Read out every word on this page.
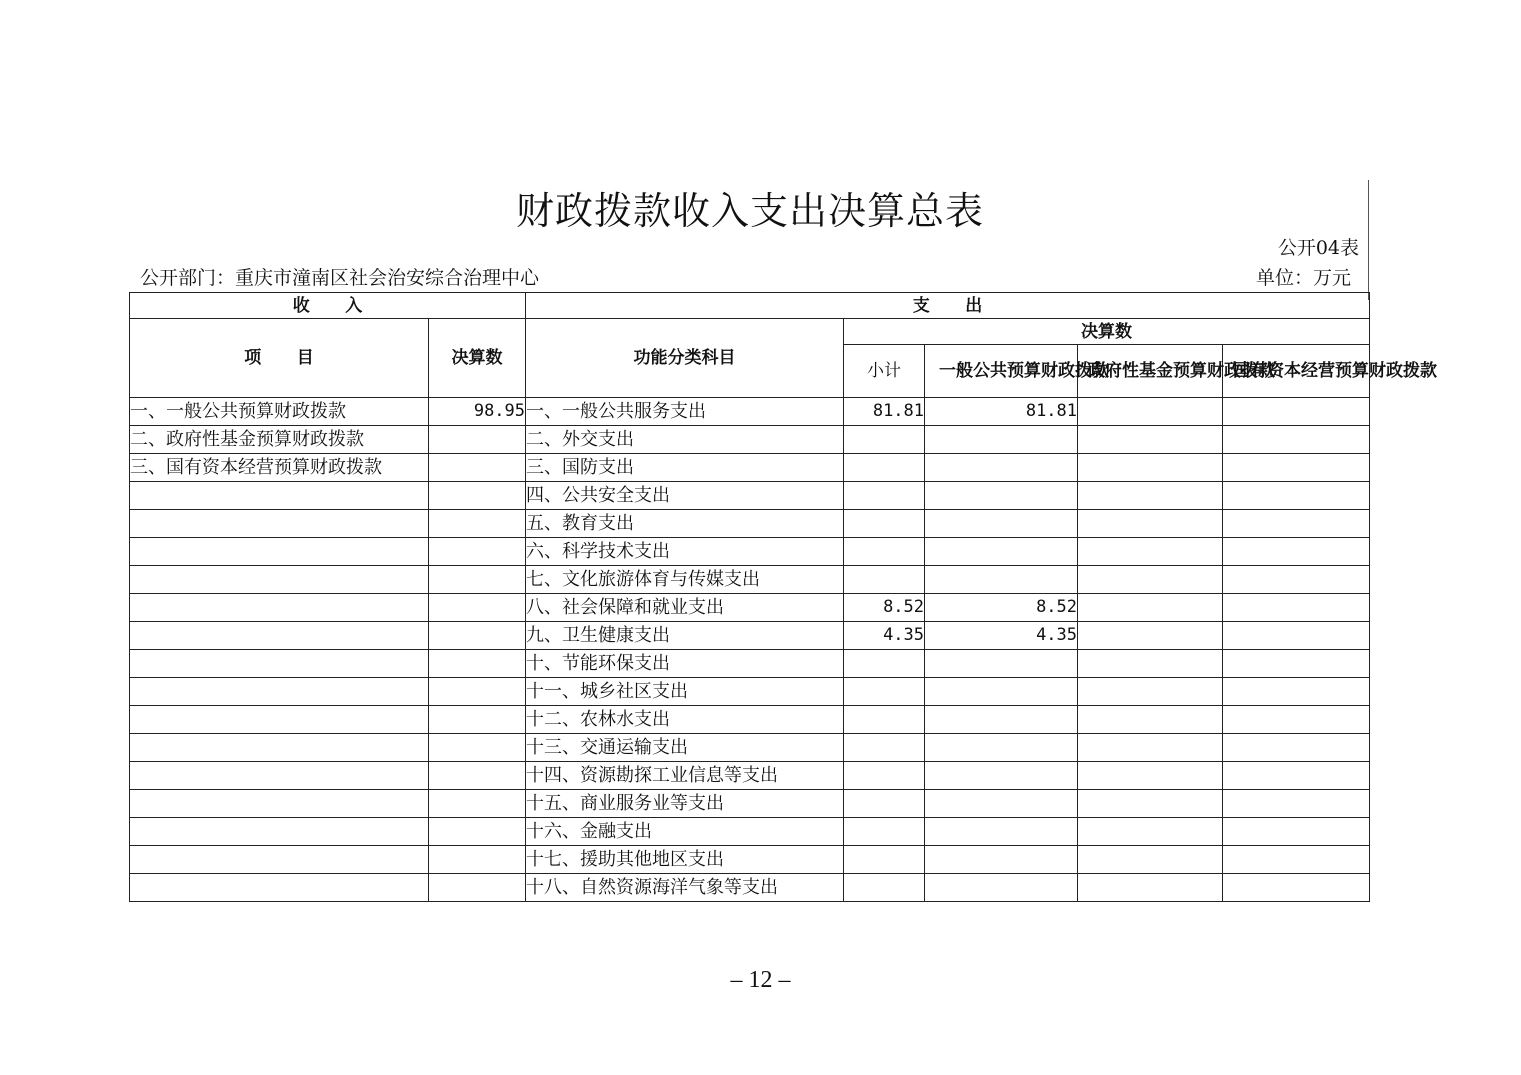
财政拨款收入支出决算总表
公开04表
公开部门：重庆市潼南区社会治安综合治理中心	单位：万元
收      入		支      出				
项      目	决算数	功能分类科目	决算数			
			小计	一般公共预算财政拨款	政府性基金预算财政拨款	国有资本经营预算财政拨款
一、一般公共预算财政拨款	98.95	一、一般公共服务支出	81.81	81.81		
二、政府性基金预算财政拨款		二、外交支出				
三、国有资本经营预算财政拨款		三、国防支出				
		四、公共安全支出				
		五、教育支出				
		六、科学技术支出				
		七、文化旅游体育与传媒支出				
		八、社会保障和就业支出	8.52	8.52		
		九、卫生健康支出	4.35	4.35		
		十、节能环保支出				
		十一、城乡社区支出				
		十二、农林水支出				
		十三、交通运输支出				
		十四、资源勘探工业信息等支出				
		十五、商业服务业等支出				
		十六、金融支出				
		十七、援助其他地区支出				
		十八、自然资源海洋气象等支出				
– 12 –
